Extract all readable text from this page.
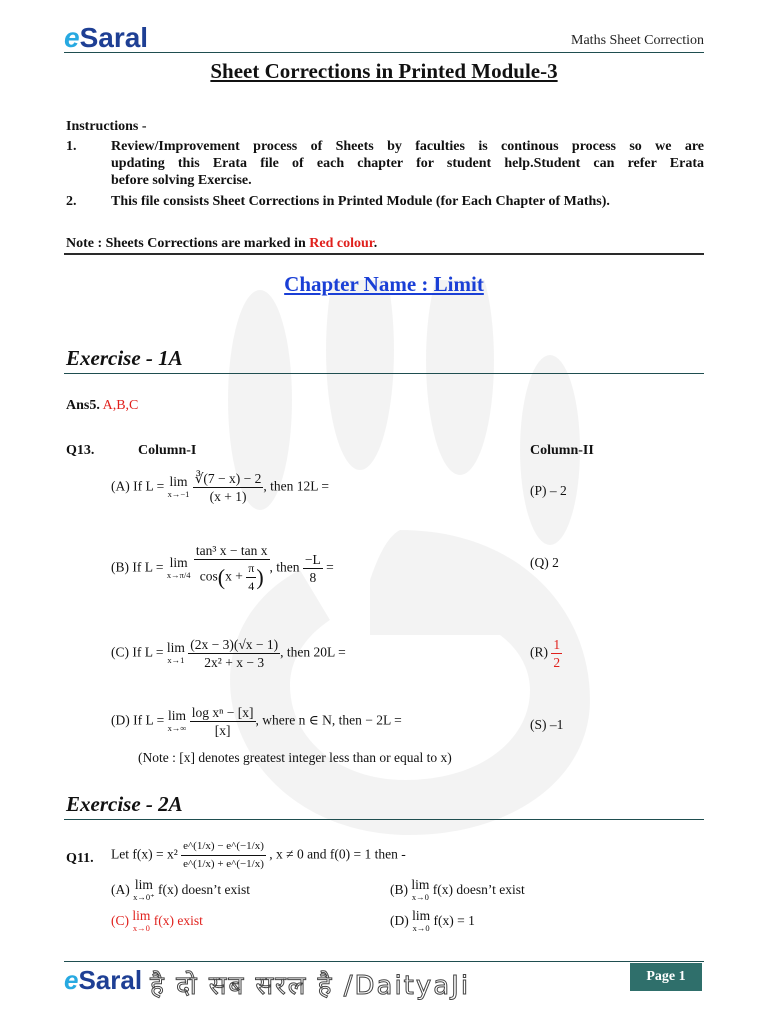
eSaral	Maths Sheet Correction
Sheet Corrections in Printed Module-3
Instructions -
1. Review/Improvement process of Sheets by faculties is continous process so we are
updating this Erata file of each chapter for student help.Student can refer Erata
before solving Exercise.
2. This file consists Sheet Corrections in Printed Module (for Each Chapter of Maths).
Note : Sheets Corrections are marked in Red colour.
Chapter Name : Limit
Exercise - 1A
Ans5. A,B,C
Q13.	Column-I	Column-II
(A) If L = lim
x→−1
$\frac{∛(7 - x) - 2}{(x + 1)}$ , then 12L =	(P) – 2
(B) If L = lim
x→π/4
$\frac{\text{tan³ x − tan x}}{\cos(x + \frac{\pi}{4} )}$ , then $\frac{-L}{8}$ =	(Q) 2
(C) If L = lim
x→1
$\frac{(2x - 3)(√x - 1)}{\text{2x² + x − 3}}$ , then 20L =	$(R) \frac{1}{2}$
(D) If L = lim
x→∞
$\frac{\text{log xⁿ − [x]}}{[x]}$ , where n ∈ N, then − 2L =	(S) –1
(Note : [x] denotes greatest integer less than or equal to x)
Exercise - 2A
Q11. Let $f(x) = x^2 \frac{e\^{}(1/x) - e\^{}(-1/x)}{e\^{}(1/x) + e\^{}(-1/x)}$ , x ≠ 0 and f(0) = 1 then -
(A) lim
x→0⁺ f(x) doesn’t exist	(B) lim
x→0 f(x) doesn’t exist
(C) lim
x→0 f(x) exist	(D) lim
x→0 f(x) = 1
eSaral है दो सब सरल है /DaityaJi	Page 1
